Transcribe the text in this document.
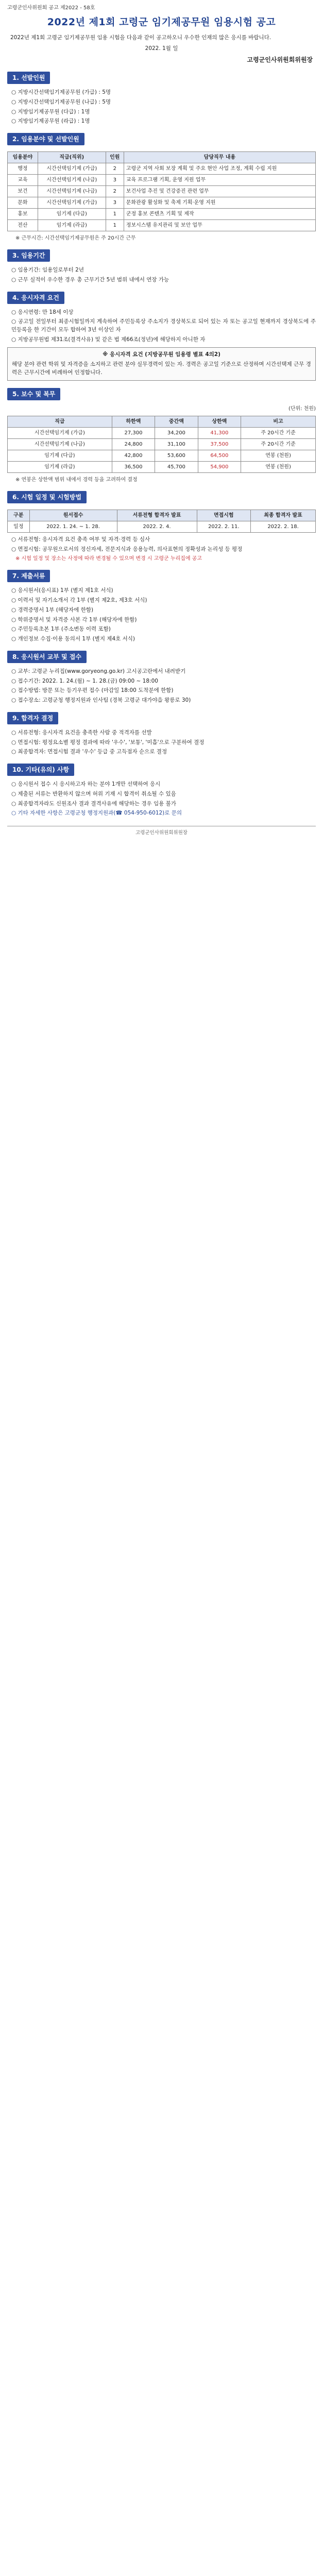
고령군인사위원회 공고 제2022 - 58호
2022년 제1회 고령군 임기제공무원 임용시험 공고
2022년 제1회 고령군 임기제공무원 임용 시험을 다음과 같이 공고하오니 우수한 인재의 많은 응시를 바랍니다.
2022. 1월 일
고령군인사위원회위원장
1. 선발인원
○ 지방시간선택임기제공무원 (가급) : 5명
○ 지방시간선택임기제공무원 (나급) : 5명
○ 지방임기제공무원 (다급) : 1명
○ 지방임기제공무원 (라급) : 1명
2. 임용분야 및 선발인원
임용분야	직급(직위)	인원	담당직무 내용
행정	시간선택임기제 (가급)	2	고령군 지역 사회 보장 계획 및 주요 현안 사업 조정, 계획 수립 지원
교육	시간선택임기제 (나급)	3	교육 프로그램 기획, 운영 지원 업무
보건	시간선택임기제 (나급)	2	보건사업 추진 및 건강증진 관련 업무
문화	시간선택임기제 (가급)	3	문화관광 활성화 및 축제 기획·운영 지원
홍보	임기제 (다급)	1	군정 홍보 콘텐츠 기획 및 제작
전산	임기제 (라급)	1	정보시스템 유지관리 및 보안 업무
※ 근무시간: 시간선택임기제공무원은 주 20시간 근무
3. 임용기간
○ 임용기간: 임용일로부터 2년
○ 근무 실적이 우수한 경우 총 근무기간 5년 범위 내에서 연장 가능
4. 응시자격 요건
○ 응시연령: 만 18세 이상
○ 공고일 전일부터 최종시험일까지 계속하여 주민등록상 주소지가 경상북도로 되어 있는 자 또는 공고일 현재까지 경상북도에 주민등록을 한 기간이 모두 합하여 3년 이상인 자
○ 지방공무원법 제31조(결격사유) 및 같은 법 제66조(정년)에 해당하지 아니한 자
※ 응시자격 요건 (지방공무원 임용령 별표 4의2)
해당 분야 관련 학위 및 자격증을 소지하고 관련 분야 실무경력이 있는 자. 경력은 공고일 기준으로 산정하며 시간선택제 근무 경력은 근무시간에 비례하여 인정합니다.
5. 보수 및 복무
(단위: 천원)
직급	하한액	중간액	상한액	비고
시간선택임기제 (가급)	27,300	34,200	41,300	주 20시간 기준
시간선택임기제 (나급)	24,800	31,100	37,500	주 20시간 기준
임기제 (다급)	42,800	53,600	64,500	연봉 (천원)
임기제 (라급)	36,500	45,700	54,900	연봉 (천원)
※ 연봉은 상한액 범위 내에서 경력 등을 고려하여 결정
6. 시험 일정 및 시험방법
구분	원서접수	서류전형 합격자 발표	면접시험	최종 합격자 발표
일정	2022. 1. 24. ~ 1. 28.	2022. 2. 4.	2022. 2. 11.	2022. 2. 18.
○ 서류전형: 응시자격 요건 충족 여부 및 자격·경력 등 심사
○ 면접시험: 공무원으로서의 정신자세, 전문지식과 응용능력, 의사표현의 정확성과 논리성 등 평정
※ 시험 일정 및 장소는 사정에 따라 변경될 수 있으며 변경 시 고령군 누리집에 공고
7. 제출서류
○ 응시원서(응시표) 1부 (별지 제1호 서식)
○ 이력서 및 자기소개서 각 1부 (별지 제2호, 제3호 서식)
○ 경력증명서 1부 (해당자에 한함)
○ 학위증명서 및 자격증 사본 각 1부 (해당자에 한함)
○ 주민등록초본 1부 (주소변동 이력 포함)
○ 개인정보 수집·이용 동의서 1부 (별지 제4호 서식)
8. 응시원서 교부 및 접수
○ 교부: 고령군 누리집(www.goryeong.go.kr) 고시공고란에서 내려받기
○ 접수기간: 2022. 1. 24.(월) ~ 1. 28.(금) 09:00 ~ 18:00
○ 접수방법: 방문 또는 등기우편 접수 (마감일 18:00 도착분에 한함)
○ 접수장소: 고령군청 행정지원과 인사팀 (경북 고령군 대가야읍 왕릉로 30)
9. 합격자 결정
○ 서류전형: 응시자격 요건을 충족한 사람 중 적격자를 선발
○ 면접시험: 평정요소별 평정 결과에 따라 '우수', '보통', '미흡'으로 구분하여 결정
○ 최종합격자: 면접시험 결과 '우수' 등급 중 고득점자 순으로 결정
10. 기타(유의) 사항
○ 응시원서 접수 시 응시하고자 하는 분야 1개만 선택하여 응시
○ 제출된 서류는 반환하지 않으며 허위 기재 시 합격이 취소될 수 있음
○ 최종합격자라도 신원조사 결과 결격사유에 해당하는 경우 임용 불가
○ 기타 자세한 사항은 고령군청 행정지원과(☎ 054-950-6012)로 문의
고령군인사위원회위원장
